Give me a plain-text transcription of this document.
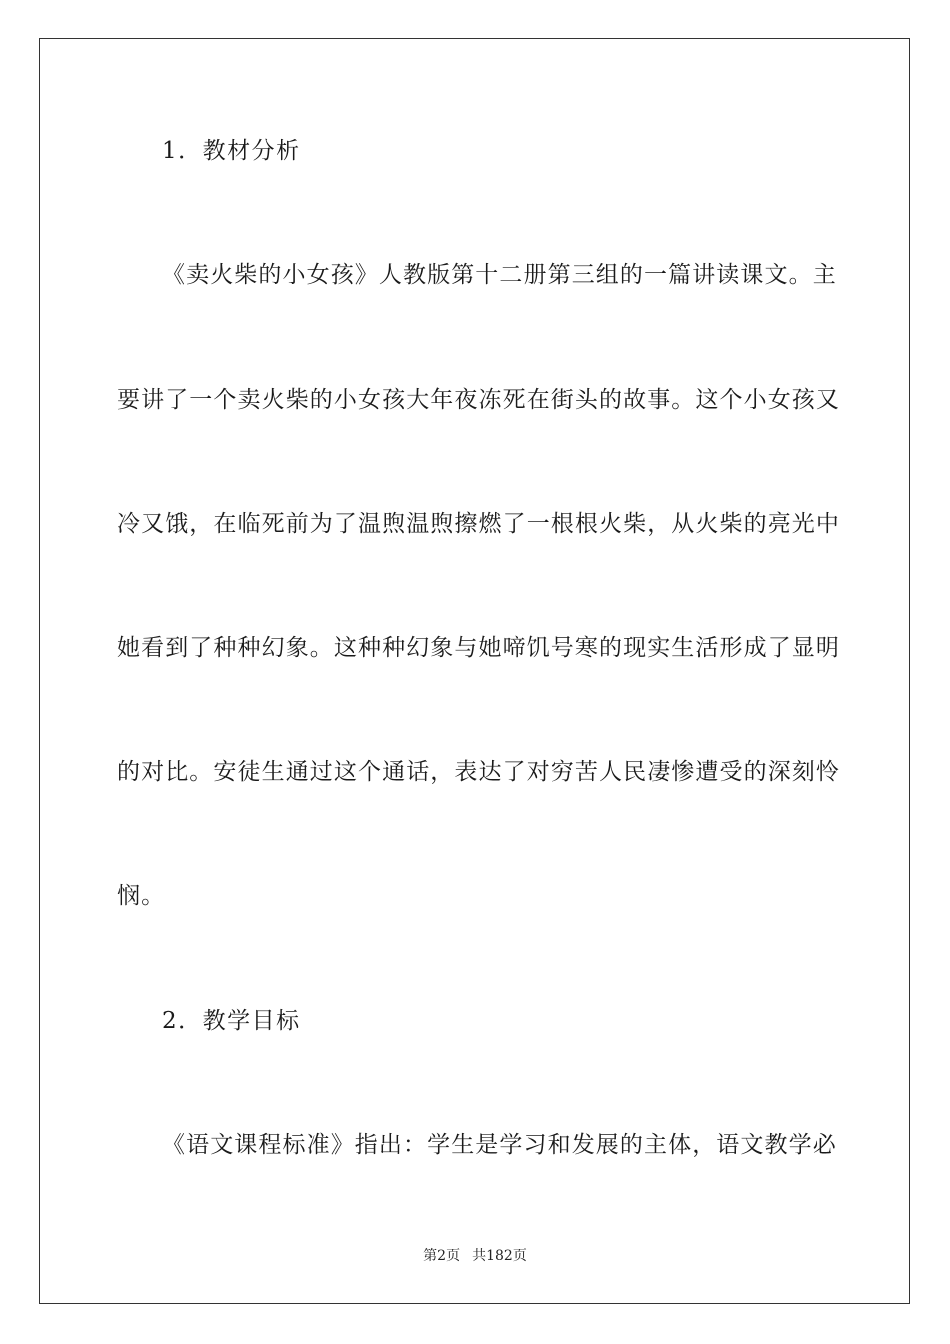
1．教材分析
《卖火柴的小女孩》人教版第十二册第三组的一篇讲读课文。主
要讲了一个卖火柴的小女孩大年夜冻死在街头的故事。这个小女孩又
冷又饿，在临死前为了温煦温煦擦燃了一根根火柴，从火柴的亮光中
她看到了种种幻象。这种种幻象与她啼饥号寒的现实生活形成了显明
的对比。安徒生通过这个通话，表达了对穷苦人民凄惨遭受的深刻怜
悯。
2．教学目标
《语文课程标准》指出：学生是学习和发展的主体，语文教学必
第2页 共182页
